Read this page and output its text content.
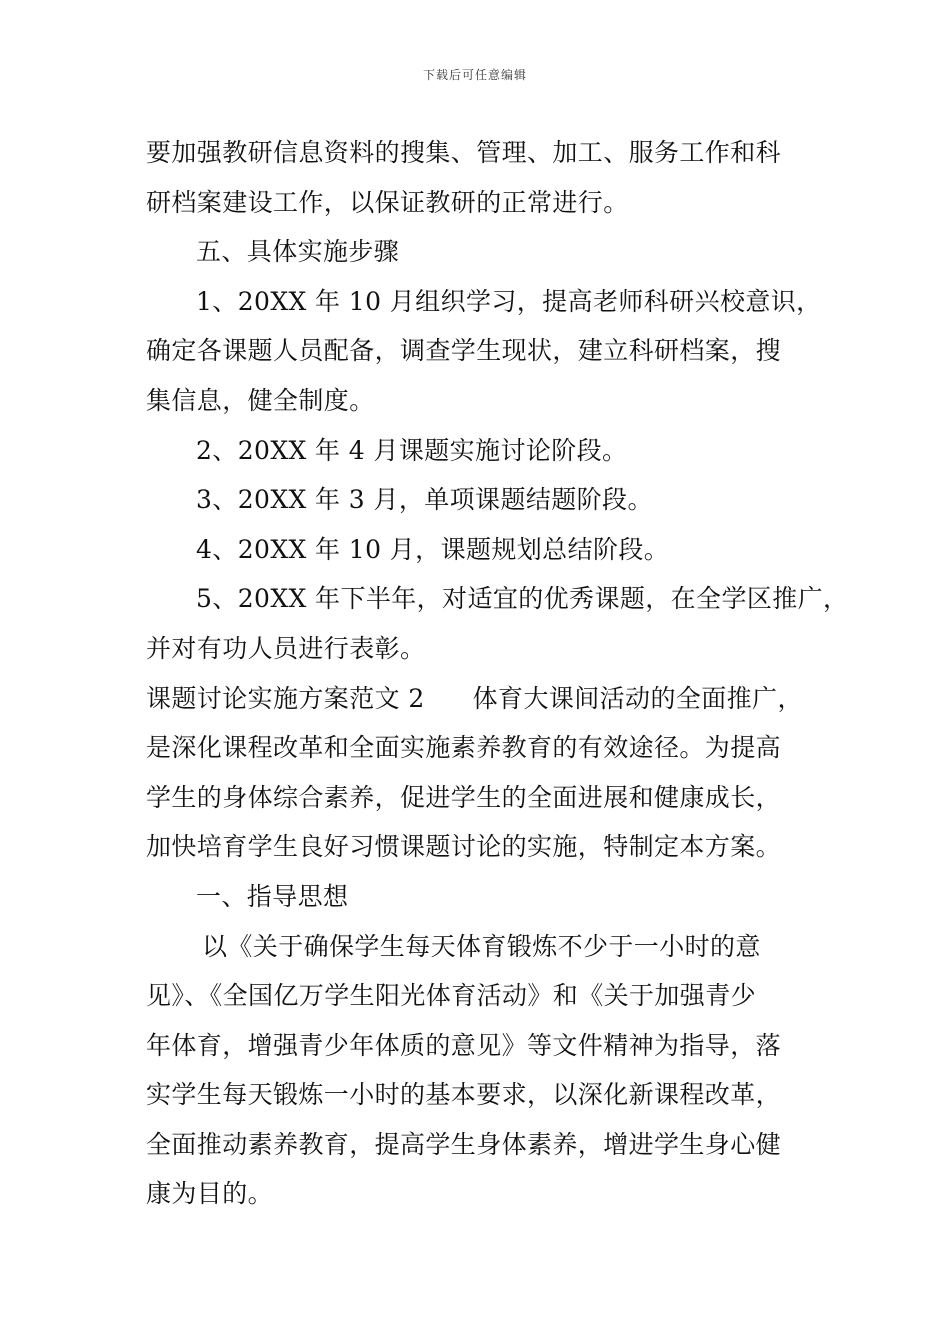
下载后可任意编辑
要加强教研信息资料的搜集、管理、加工、服务工作和科
研档案建设工作，以保证教研的正常进行。
五、具体实施步骤
1、20XX 年 10 月组织学习，提高老师科研兴校意识，
确定各课题人员配备，调查学生现状，建立科研档案，搜
集信息，健全制度。
2、20XX 年 4 月课题实施讨论阶段。
3、20XX 年 3 月，单项课题结题阶段。
4、20XX 年 10 月，课题规划总结阶段。
5、20XX 年下半年，对适宜的优秀课题，在全学区推广，
并对有功人员进行表彰。
课题讨论实施方案范文 2 体育大课间活动的全面推广，
是深化课程改革和全面实施素养教育的有效途径。为提高
学生的身体综合素养，促进学生的全面进展和健康成长，
加快培育学生良好习惯课题讨论的实施，特制定本方案。
一、指导思想
以《关于确保学生每天体育锻炼不少于一小时的意
见》、《全国亿万学生阳光体育活动》和《关于加强青少
年体育，增强青少年体质的意见》等文件精神为指导，落
实学生每天锻炼一小时的基本要求，以深化新课程改革，
全面推动素养教育，提高学生身体素养，增进学生身心健
康为目的。
